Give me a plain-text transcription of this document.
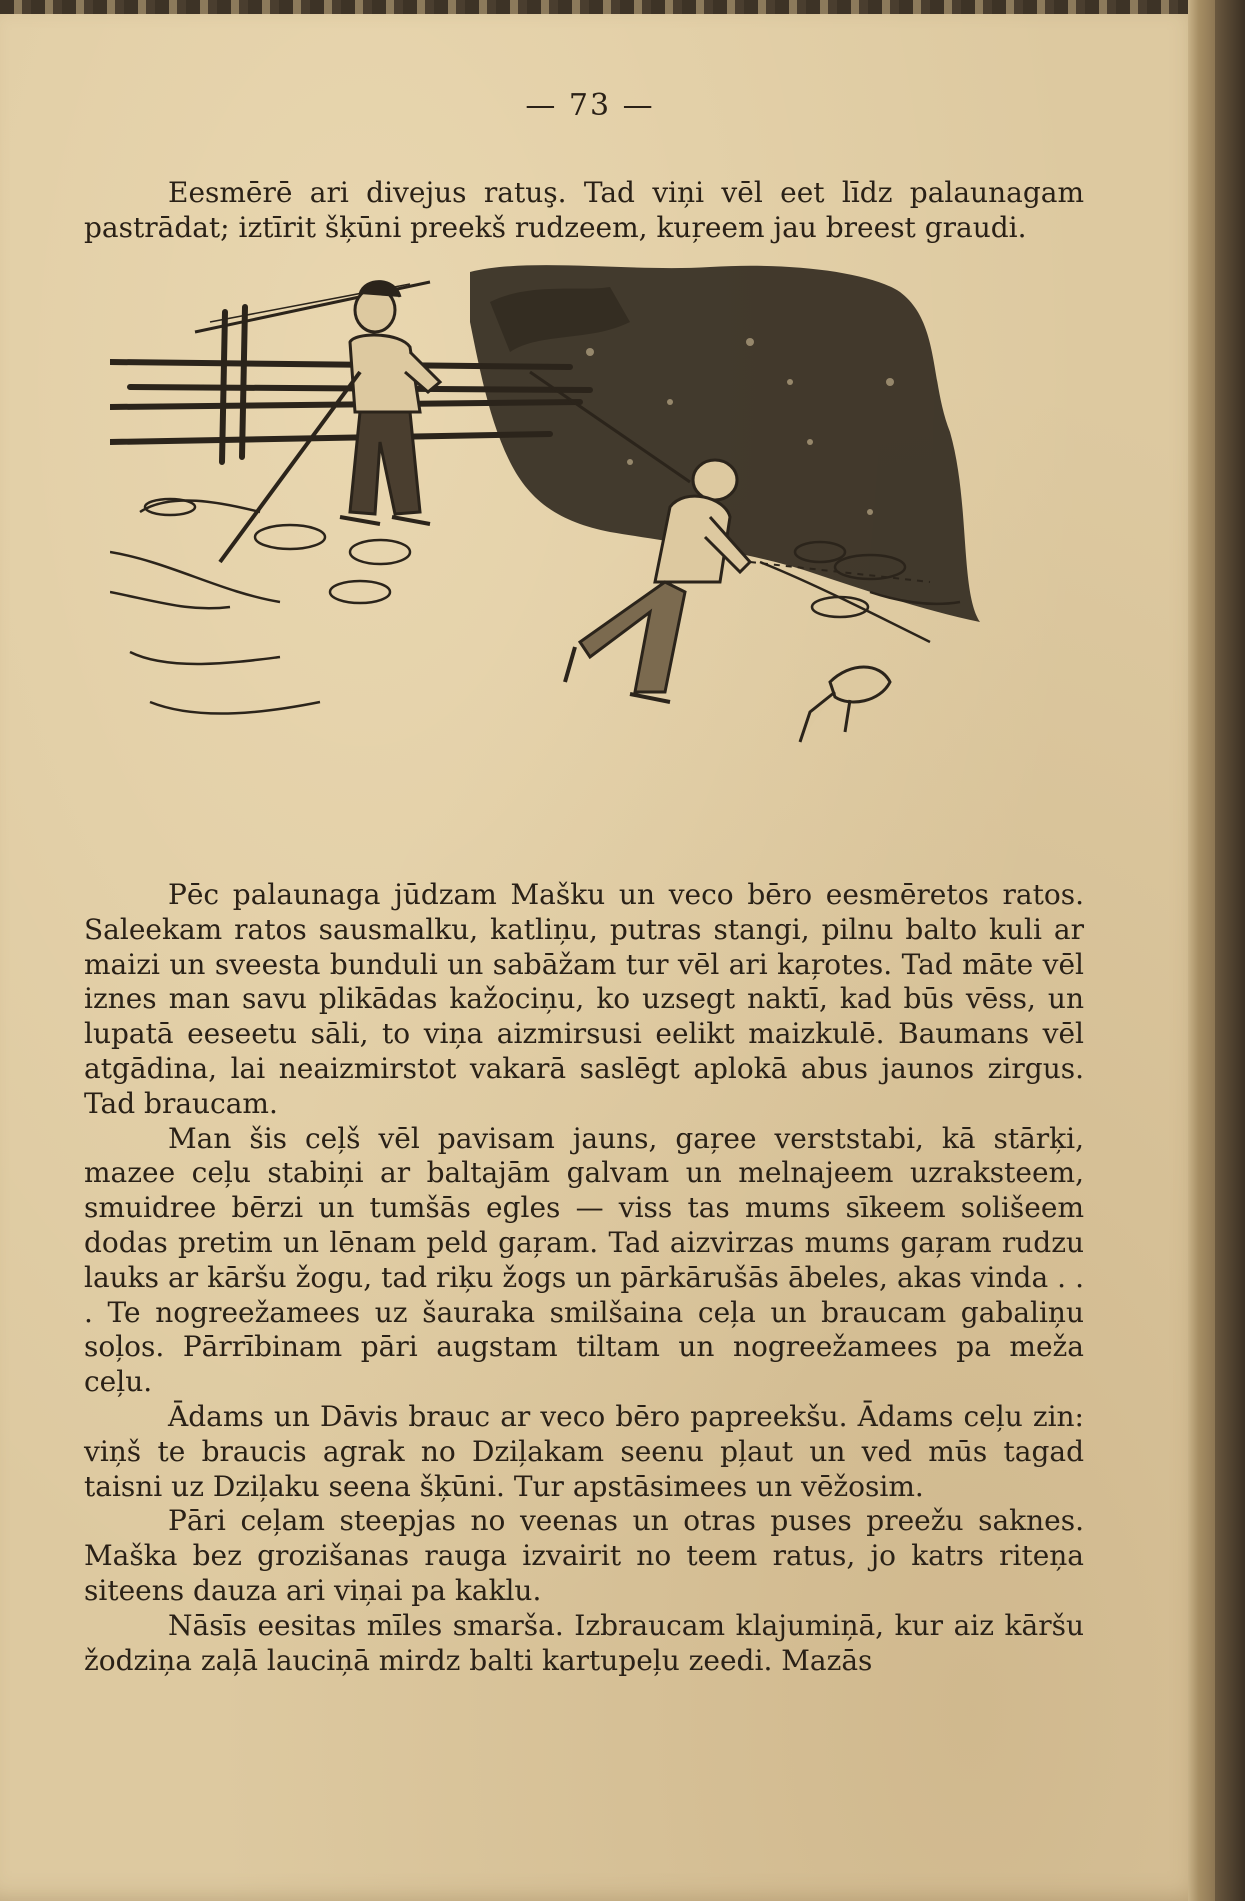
— 73 —

Eesmērē ari divejus ratuş. Tad viņi vēl eet līdz palaunagam pastrādat; iztīrit šķūni preekš rudzeem, kuŗeem jau breest graudi.

Pēc palaunaga jūdzam Mašku un veco bēro eesmēretos ratos. Saleekam ratos sausmalku, katliņu, putras stangi, pilnu balto kuli ar maizi un sveesta bunduli un sabāžam tur vēl ari kaŗotes. Tad māte vēl iznes man savu plikādas kažociņu, ko uzsegt naktī, kad būs vēss, un lupatā eeseetu sāli, to viņa aizmirsusi eelikt maizkulē. Baumans vēl atgādina, lai neaizmirstot vakarā saslēgt aplokā abus jaunos zirgus. Tad braucam.

Man šis ceļš vēl pavisam jauns, gaŗee verststabi, kā stārķi, mazee ceļu stabiņi ar baltajām galvam un melnajeem uzraksteem, smuidree bērzi un tumšās egles — viss tas mums sīkeem solišeem dodas pretim un lēnam peld gaŗam. Tad aizvirzas mums gaŗam rudzu lauks ar kāršu žogu, tad riķu žogs un pārkārušās ābeles, akas vinda . . . Te nogreežamees uz šauraka smilšaina ceļa un braucam gabaliņu soļos. Pārrībinam pāri augstam tiltam un nogreežamees pa meža ceļu.

Ādams un Dāvis brauc ar veco bēro papreekšu. Ādams ceļu zin: viņš te braucis agrak no Dziļakam seenu pļaut un ved mūs tagad taisni uz Dziļaku seena šķūni. Tur apstāsimees un vēžosim.

Pāri ceļam steepjas no veenas un otras puses preežu saknes. Maška bez grozišanas rauga izvairit no teem ratus, jo katrs riteņa siteens dauza ari viņai pa kaklu.

Nāsīs eesitas mīles smarša. Izbraucam klajumiņā, kur aiz kāršu žodziņa zaļā lauciņā mirdz balti kartupeļu zeedi. Mazās
